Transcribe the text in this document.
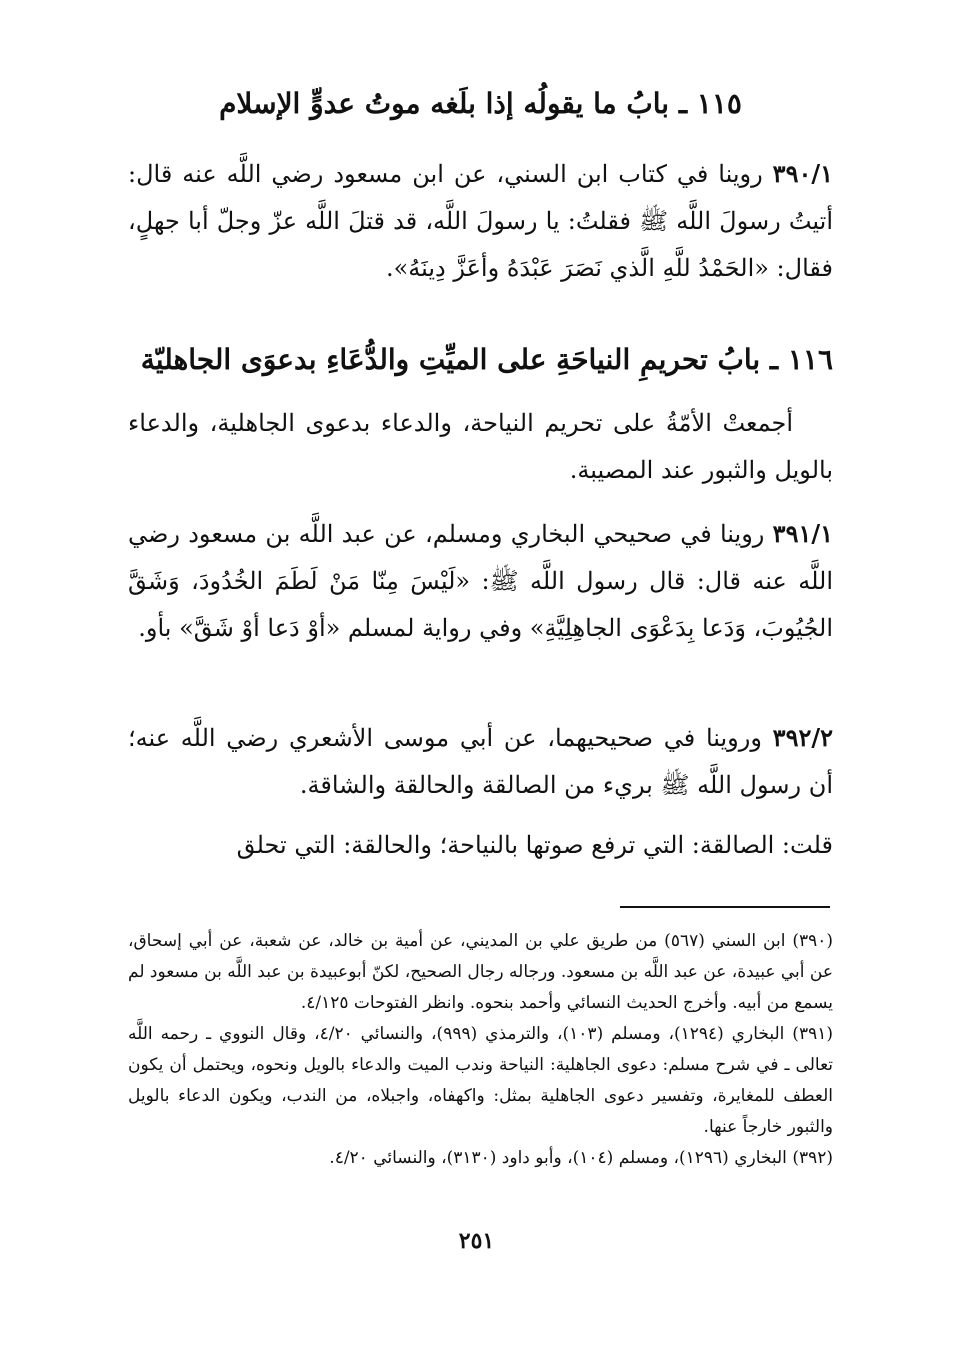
١١٥ ـ بابُ ما يقولُه إذا بلَغه موتُ عدوٍّ الإسلام
٣٩٠/١ روينا في كتاب ابن السني، عن ابن مسعود رضي اللَّه عنه قال: أتيتُ رسولَ اللَّه ﷺ فقلتُ: يا رسولَ اللَّه، قد قتلَ اللَّه عزّ وجلّ أبا جهلٍ، فقال: «الحَمْدُ للَّهِ الَّذي نَصَرَ عَبْدَهُ وأعَزَّ دِينَهُ».
١١٦ ـ بابُ تحريمِ النياحَةِ على الميِّتِ والدُّعَاءِ بدعوَى الجاهليّة
أجمعتْ الأمّةُ على تحريم النياحة، والدعاء بدعوى الجاهلية، والدعاء بالويل والثبور عند المصيبة.
٣٩١/١ روينا في صحيحي البخاري ومسلم، عن عبد اللَّه بن مسعود رضي اللَّه عنه قال: قال رسول اللَّه ﷺ: «لَيْسَ مِنّا مَنْ لَطَمَ الخُدُودَ، وَشَقَّ الجُيُوبَ، وَدَعا بِدَعْوَى الجاهِلِيَّةِ» وفي رواية لمسلم «أوْ دَعا أوْ شَقَّ» بأو.
٣٩٢/٢ وروينا في صحيحيهما، عن أبي موسى الأشعري رضي اللَّه عنه؛ أن رسول اللَّه ﷺ بريء من الصالقة والحالقة والشاقة.
قلت: الصالقة: التي ترفع صوتها بالنياحة؛ والحالقة: التي تحلق

(٣٩٠) ابن السني (٥٦٧) من طريق علي بن المديني، عن أمية بن خالد، عن شعبة، عن أبي إسحاق، عن أبي عبيدة، عن عبد اللَّه بن مسعود. ورجاله رجال الصحيح، لكنّ أبوعبيدة بن عبد اللَّه بن مسعود لم يسمع من أبيه. وأخرج الحديث النسائي وأحمد بنحوه. وانظر الفتوحات ٤/١٢٥.

(٣٩١) البخاري (١٢٩٤)، ومسلم (١٠٣)، والترمذي (٩٩٩)، والنسائي ٤/٢٠، وقال النووي ـ رحمه اللَّه تعالى ـ في شرح مسلم: دعوى الجاهلية: النياحة وندب الميت والدعاء بالويل ونحوه، ويحتمل أن يكون العطف للمغايرة، وتفسير دعوى الجاهلية بمثل: واكهفاه، واجبلاه، من الندب، ويكون الدعاء بالويل والثبور خارجاً عنها.

(٣٩٢) البخاري (١٢٩٦)، ومسلم (١٠٤)، وأبو داود (٣١٣٠)، والنسائي ٤/٢٠.

٢٥١
